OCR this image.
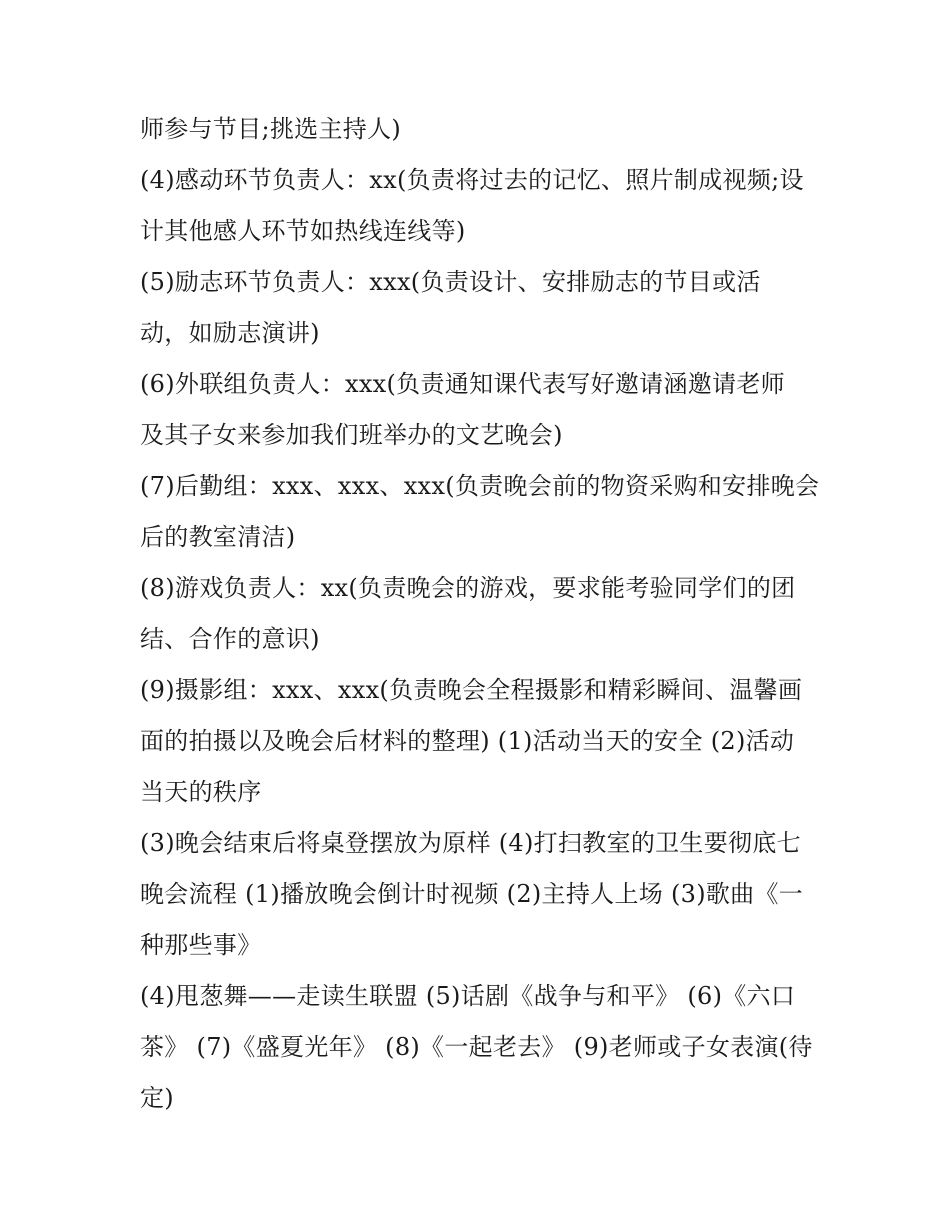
师参与节目;挑选主持人)
(4)感动环节负责人：xx(负责将过去的记忆、照片制成视频;设
计其他感人环节如热线连线等)
(5)励志环节负责人：xxx(负责设计、安排励志的节目或活
动，如励志演讲)
(6)外联组负责人：xxx(负责通知课代表写好邀请涵邀请老师
及其子女来参加我们班举办的文艺晚会)
(7)后勤组：xxx、xxx、xxx(负责晚会前的物资采购和安排晚会
后的教室清洁)
(8)游戏负责人：xx(负责晚会的游戏，要求能考验同学们的团
结、合作的意识)
(9)摄影组：xxx、xxx(负责晚会全程摄影和精彩瞬间、温馨画
面的拍摄以及晚会后材料的整理) (1)活动当天的安全 (2)活动
当天的秩序
(3)晚会结束后将桌登摆放为原样 (4)打扫教室的卫生要彻底七
晚会流程 (1)播放晚会倒计时视频 (2)主持人上场 (3)歌曲《一
种那些事》
(4)甩葱舞——走读生联盟 (5)话剧《战争与和平》 (6)《六口
茶》 (7)《盛夏光年》 (8)《一起老去》 (9)老师或子女表演(待
定)
